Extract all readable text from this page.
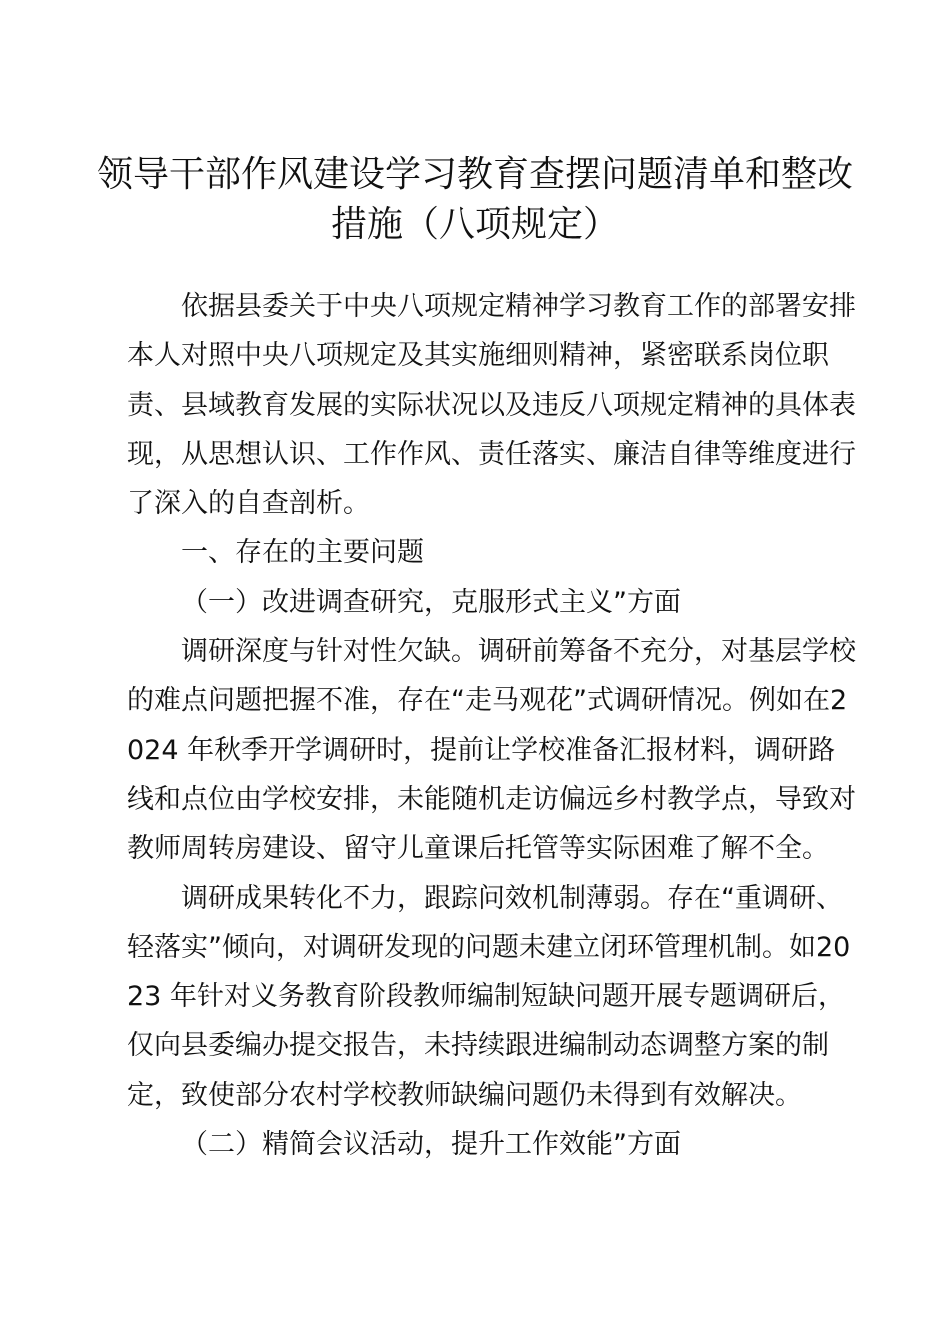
领导干部作风建设学习教育查摆问题清单和整改措施（八项规定）

依据县委关于中央八项规定精神学习教育工作的部署安排本人对照中央八项规定及其实施细则精神，紧密联系岗位职责、县域教育发展的实际状况以及违反八项规定精神的具体表现，从思想认识、工作作风、责任落实、廉洁自律等维度进行了深入的自查剖析。

一、存在的主要问题

（一）改进调查研究，克服形式主义”方面

调研深度与针对性欠缺。调研前筹备不充分，对基层学校的难点问题把握不准，存在“走马观花”式调研情况。例如在2024 年秋季开学调研时，提前让学校准备汇报材料，调研路线和点位由学校安排，未能随机走访偏远乡村教学点，导致对教师周转房建设、留守儿童课后托管等实际困难了解不全。

调研成果转化不力，跟踪问效机制薄弱。存在“重调研、轻落实”倾向，对调研发现的问题未建立闭环管理机制。如2023 年针对义务教育阶段教师编制短缺问题开展专题调研后，仅向县委编办提交报告，未持续跟进编制动态调整方案的制定，致使部分农村学校教师缺编问题仍未得到有效解决。

（二）精简会议活动，提升工作效能”方面
